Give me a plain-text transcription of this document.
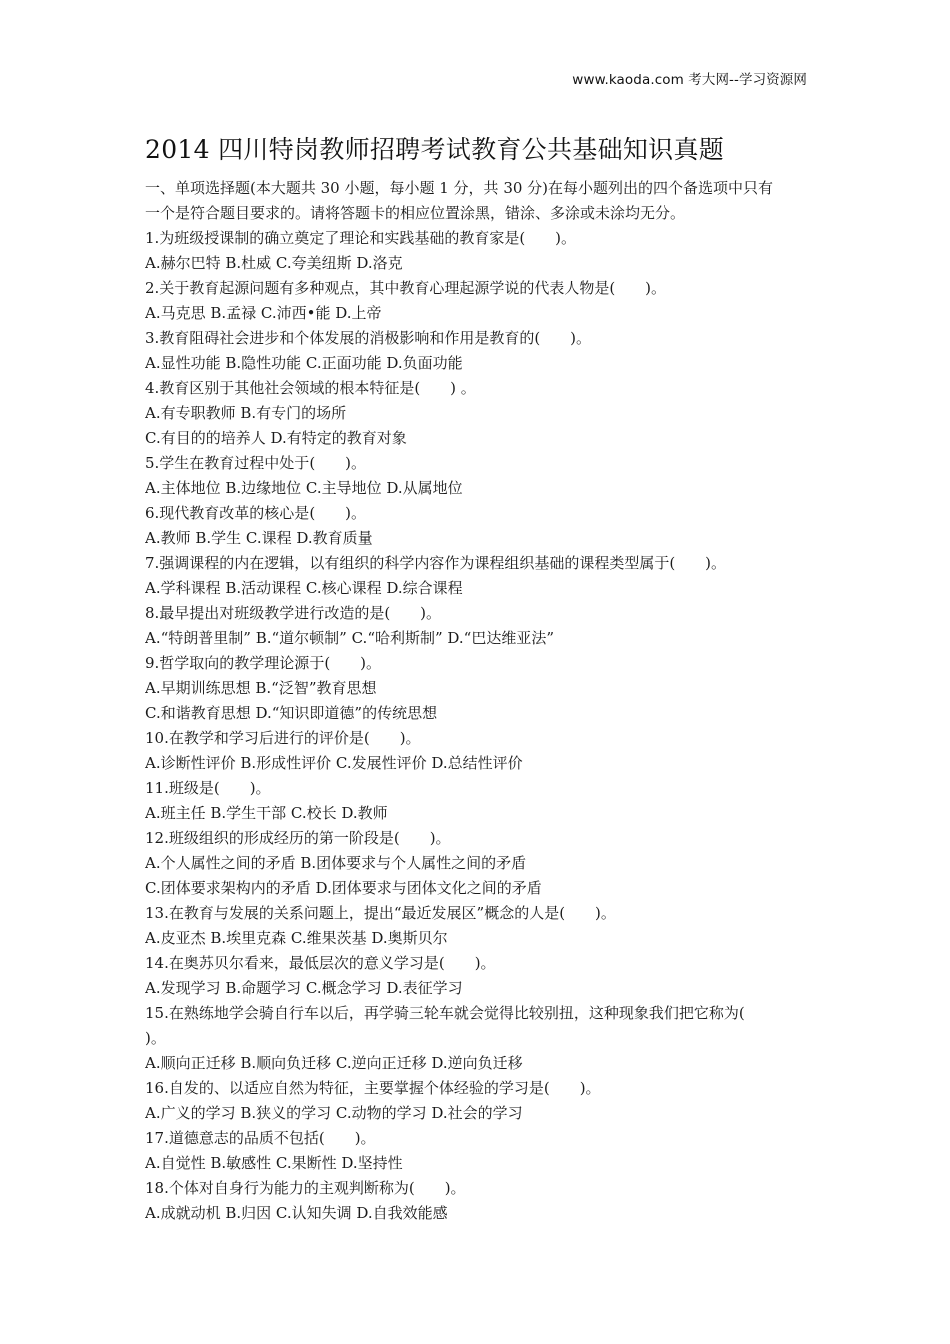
www.kaoda.com 考大网--学习资源网
2014 四川特岗教师招聘考试教育公共基础知识真题
一、单项选择题(本大题共 30 小题，每小题 1 分，共 30 分)在每小题列出的四个备选项中只有
一个是符合题目要求的。请将答题卡的相应位置涂黑，错涂、多涂或未涂均无分。
1.为班级授课制的确立奠定了理论和实践基础的教育家是(　　)。
A.赫尔巴特 B.杜威 C.夸美纽斯 D.洛克
2.关于教育起源问题有多种观点，其中教育心理起源学说的代表人物是(　　)。
A.马克思 B.孟禄 C.沛西•能 D.上帝
3.教育阻碍社会进步和个体发展的消极影响和作用是教育的(　　)。
A.显性功能 B.隐性功能 C.正面功能 D.负面功能
4.教育区别于其他社会领域的根本特征是(　　) 。
A.有专职教师 B.有专门的场所
C.有目的的培养人 D.有特定的教育对象
5.学生在教育过程中处于(　　)。
A.主体地位 B.边缘地位 C.主导地位 D.从属地位
6.现代教育改革的核心是(　　)。
A.教师 B.学生 C.课程 D.教育质量
7.强调课程的内在逻辑，以有组织的科学内容作为课程组织基础的课程类型属于(　　)。
A.学科课程 B.活动课程 C.核心课程 D.综合课程
8.最早提出对班级教学进行改造的是(　　)。
A.“特朗普里制” B.“道尔顿制” C.“哈利斯制” D.“巴达维亚法”
9.哲学取向的教学理论源于(　　)。
A.早期训练思想 B.“泛智”教育思想
C.和谐教育思想 D.“知识即道德”的传统思想
10.在教学和学习后进行的评价是(　　)。
A.诊断性评价 B.形成性评价 C.发展性评价 D.总结性评价
11.班级是(　　)。
A.班主任 B.学生干部 C.校长 D.教师
12.班级组织的形成经历的第一阶段是(　　)。
A.个人属性之间的矛盾 B.团体要求与个人属性之间的矛盾
C.团体要求架构内的矛盾 D.团体要求与团体文化之间的矛盾
13.在教育与发展的关系问题上，提出“最近发展区”概念的人是(　　)。
A.皮亚杰 B.埃里克森 C.维果茨基 D.奥斯贝尔
14.在奥苏贝尔看来，最低层次的意义学习是(　　)。
A.发现学习 B.命题学习 C.概念学习 D.表征学习
15.在熟练地学会骑自行车以后，再学骑三轮车就会觉得比较别扭，这种现象我们把它称为(
)。
A.顺向正迁移 B.顺向负迁移 C.逆向正迁移 D.逆向负迁移
16.自发的、以适应自然为特征，主要掌握个体经验的学习是(　　)。
A.广义的学习 B.狭义的学习 C.动物的学习 D.社会的学习
17.道德意志的品质不包括(　　)。
A.自觉性 B.敏感性 C.果断性 D.坚持性
18.个体对自身行为能力的主观判断称为(　　)。
A.成就动机 B.归因 C.认知失调 D.自我效能感
